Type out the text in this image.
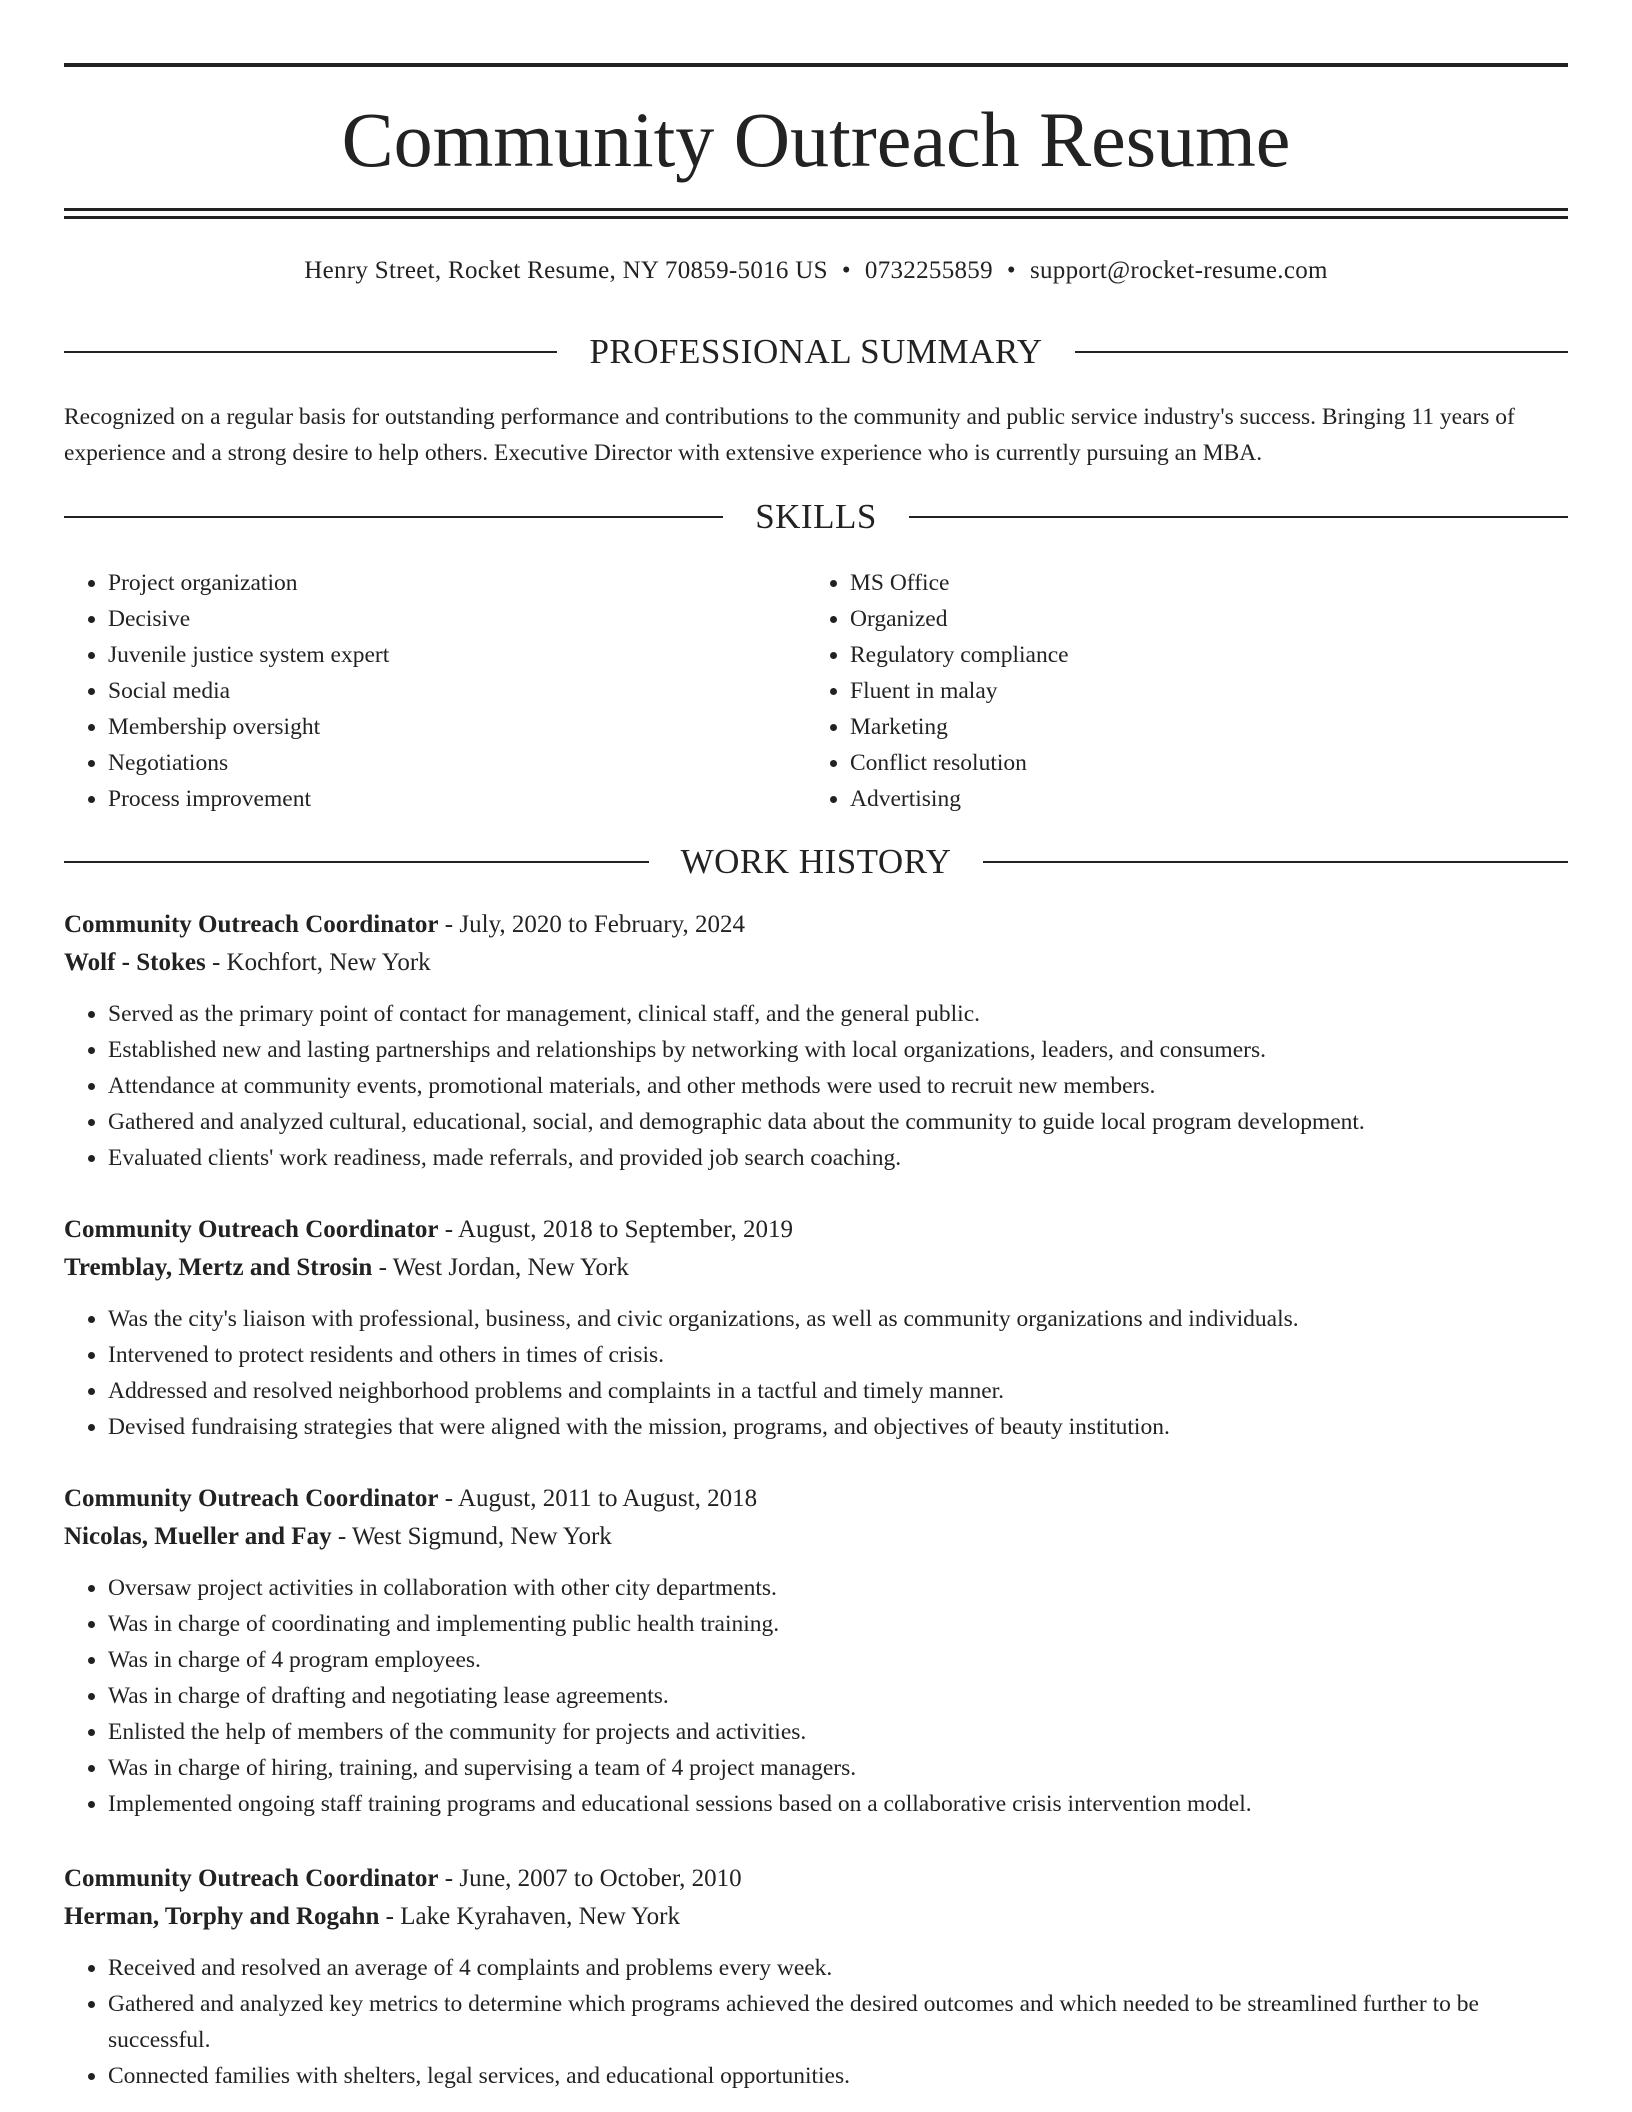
Community Outreach Resume
Henry Street, Rocket Resume, NY 70859-5016 US • 0732255859 • support@rocket-resume.com
PROFESSIONAL SUMMARY

Recognized on a regular basis for outstanding performance and contributions to the community and public service industry's success. Bringing 11 years of experience and a strong desire to help others. Executive Director with extensive experience who is currently pursuing an MBA.

SKILLS
• Project organization
• Decisive
• Juvenile justice system expert
• Social media
• Membership oversight
• Negotiations
• Process improvement
• MS Office
• Organized
• Regulatory compliance
• Fluent in malay
• Marketing
• Conflict resolution
• Advertising
WORK HISTORY

Community Outreach Coordinator - July, 2020 to February, 2024

Wolf - Stokes - Kochfort, New York

• Served as the primary point of contact for management, clinical staff, and the general public.
• Established new and lasting partnerships and relationships by networking with local organizations, leaders, and consumers.
• Attendance at community events, promotional materials, and other methods were used to recruit new members.
• Gathered and analyzed cultural, educational, social, and demographic data about the community to guide local program development.
• Evaluated clients' work readiness, made referrals, and provided job search coaching.

Community Outreach Coordinator - August, 2018 to September, 2019

Tremblay, Mertz and Strosin - West Jordan, New York

• Was the city's liaison with professional, business, and civic organizations, as well as community organizations and individuals.
• Intervened to protect residents and others in times of crisis.
• Addressed and resolved neighborhood problems and complaints in a tactful and timely manner.
• Devised fundraising strategies that were aligned with the mission, programs, and objectives of beauty institution.

Community Outreach Coordinator - August, 2011 to August, 2018

Nicolas, Mueller and Fay - West Sigmund, New York

• Oversaw project activities in collaboration with other city departments.
• Was in charge of coordinating and implementing public health training.
• Was in charge of 4 program employees.
• Was in charge of drafting and negotiating lease agreements.
• Enlisted the help of members of the community for projects and activities.
• Was in charge of hiring, training, and supervising a team of 4 project managers.
• Implemented ongoing staff training programs and educational sessions based on a collaborative crisis intervention model.

Community Outreach Coordinator - June, 2007 to October, 2010

Herman, Torphy and Rogahn - Lake Kyrahaven, New York

• Received and resolved an average of 4 complaints and problems every week.
• Gathered and analyzed key metrics to determine which programs achieved the desired outcomes and which needed to be streamlined further to be successful.
• Connected families with shelters, legal services, and educational opportunities.
